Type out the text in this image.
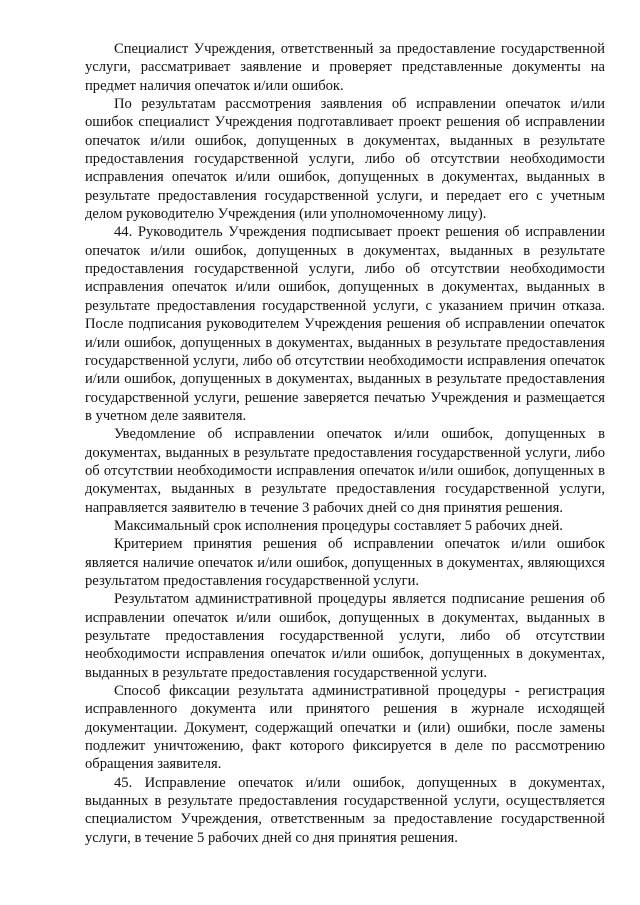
Специалист Учреждения, ответственный за предоставление государственной услуги, рассматривает заявление и проверяет представленные документы на предмет наличия опечаток и/или ошибок.

По результатам рассмотрения заявления об исправлении опечаток и/или ошибок специалист Учреждения подготавливает проект решения об исправлении опечаток и/или ошибок, допущенных в документах, выданных в результате предоставления государственной услуги, либо об отсутствии необходимости исправления опечаток и/или ошибок, допущенных в документах, выданных в результате предоставления государственной услуги, и передает его с учетным делом руководителю Учреждения (или уполномоченному лицу).

44. Руководитель Учреждения подписывает проект решения об исправлении опечаток и/или ошибок, допущенных в документах, выданных в результате предоставления государственной услуги, либо об отсутствии необходимости исправления опечаток и/или ошибок, допущенных в документах, выданных в результате предоставления государственной услуги, с указанием причин отказа. После подписания руководителем Учреждения решения об исправлении опечаток и/или ошибок, допущенных в документах, выданных в результате предоставления государственной услуги, либо об отсутствии необходимости исправления опечаток и/или ошибок, допущенных в документах, выданных в результате предоставления государственной услуги, решение заверяется печатью Учреждения и размещается в учетном деле заявителя.

Уведомление об исправлении опечаток и/или ошибок, допущенных в документах, выданных в результате предоставления государственной услуги, либо об отсутствии необходимости исправления опечаток и/или ошибок, допущенных в документах, выданных в результате предоставления государственной услуги, направляется заявителю в течение 3 рабочих дней со дня принятия решения.

Максимальный срок исполнения процедуры составляет 5 рабочих дней.

Критерием принятия решения об исправлении опечаток и/или ошибок является наличие опечаток и/или ошибок, допущенных в документах, являющихся результатом предоставления государственной услуги.

Результатом административной процедуры является подписание решения об исправлении опечаток и/или ошибок, допущенных в документах, выданных в результате предоставления государственной услуги, либо об отсутствии необходимости исправления опечаток и/или ошибок, допущенных в документах, выданных в результате предоставления государственной услуги.

Способ фиксации результата административной процедуры - регистрация исправленного документа или принятого решения в журнале исходящей документации. Документ, содержащий опечатки и (или) ошибки, после замены подлежит уничтожению, факт которого фиксируется в деле по рассмотрению обращения заявителя.

45. Исправление опечаток и/или ошибок, допущенных в документах, выданных в результате предоставления государственной услуги, осуществляется специалистом Учреждения, ответственным за предоставление государственной услуги, в течение 5 рабочих дней со дня принятия решения.
